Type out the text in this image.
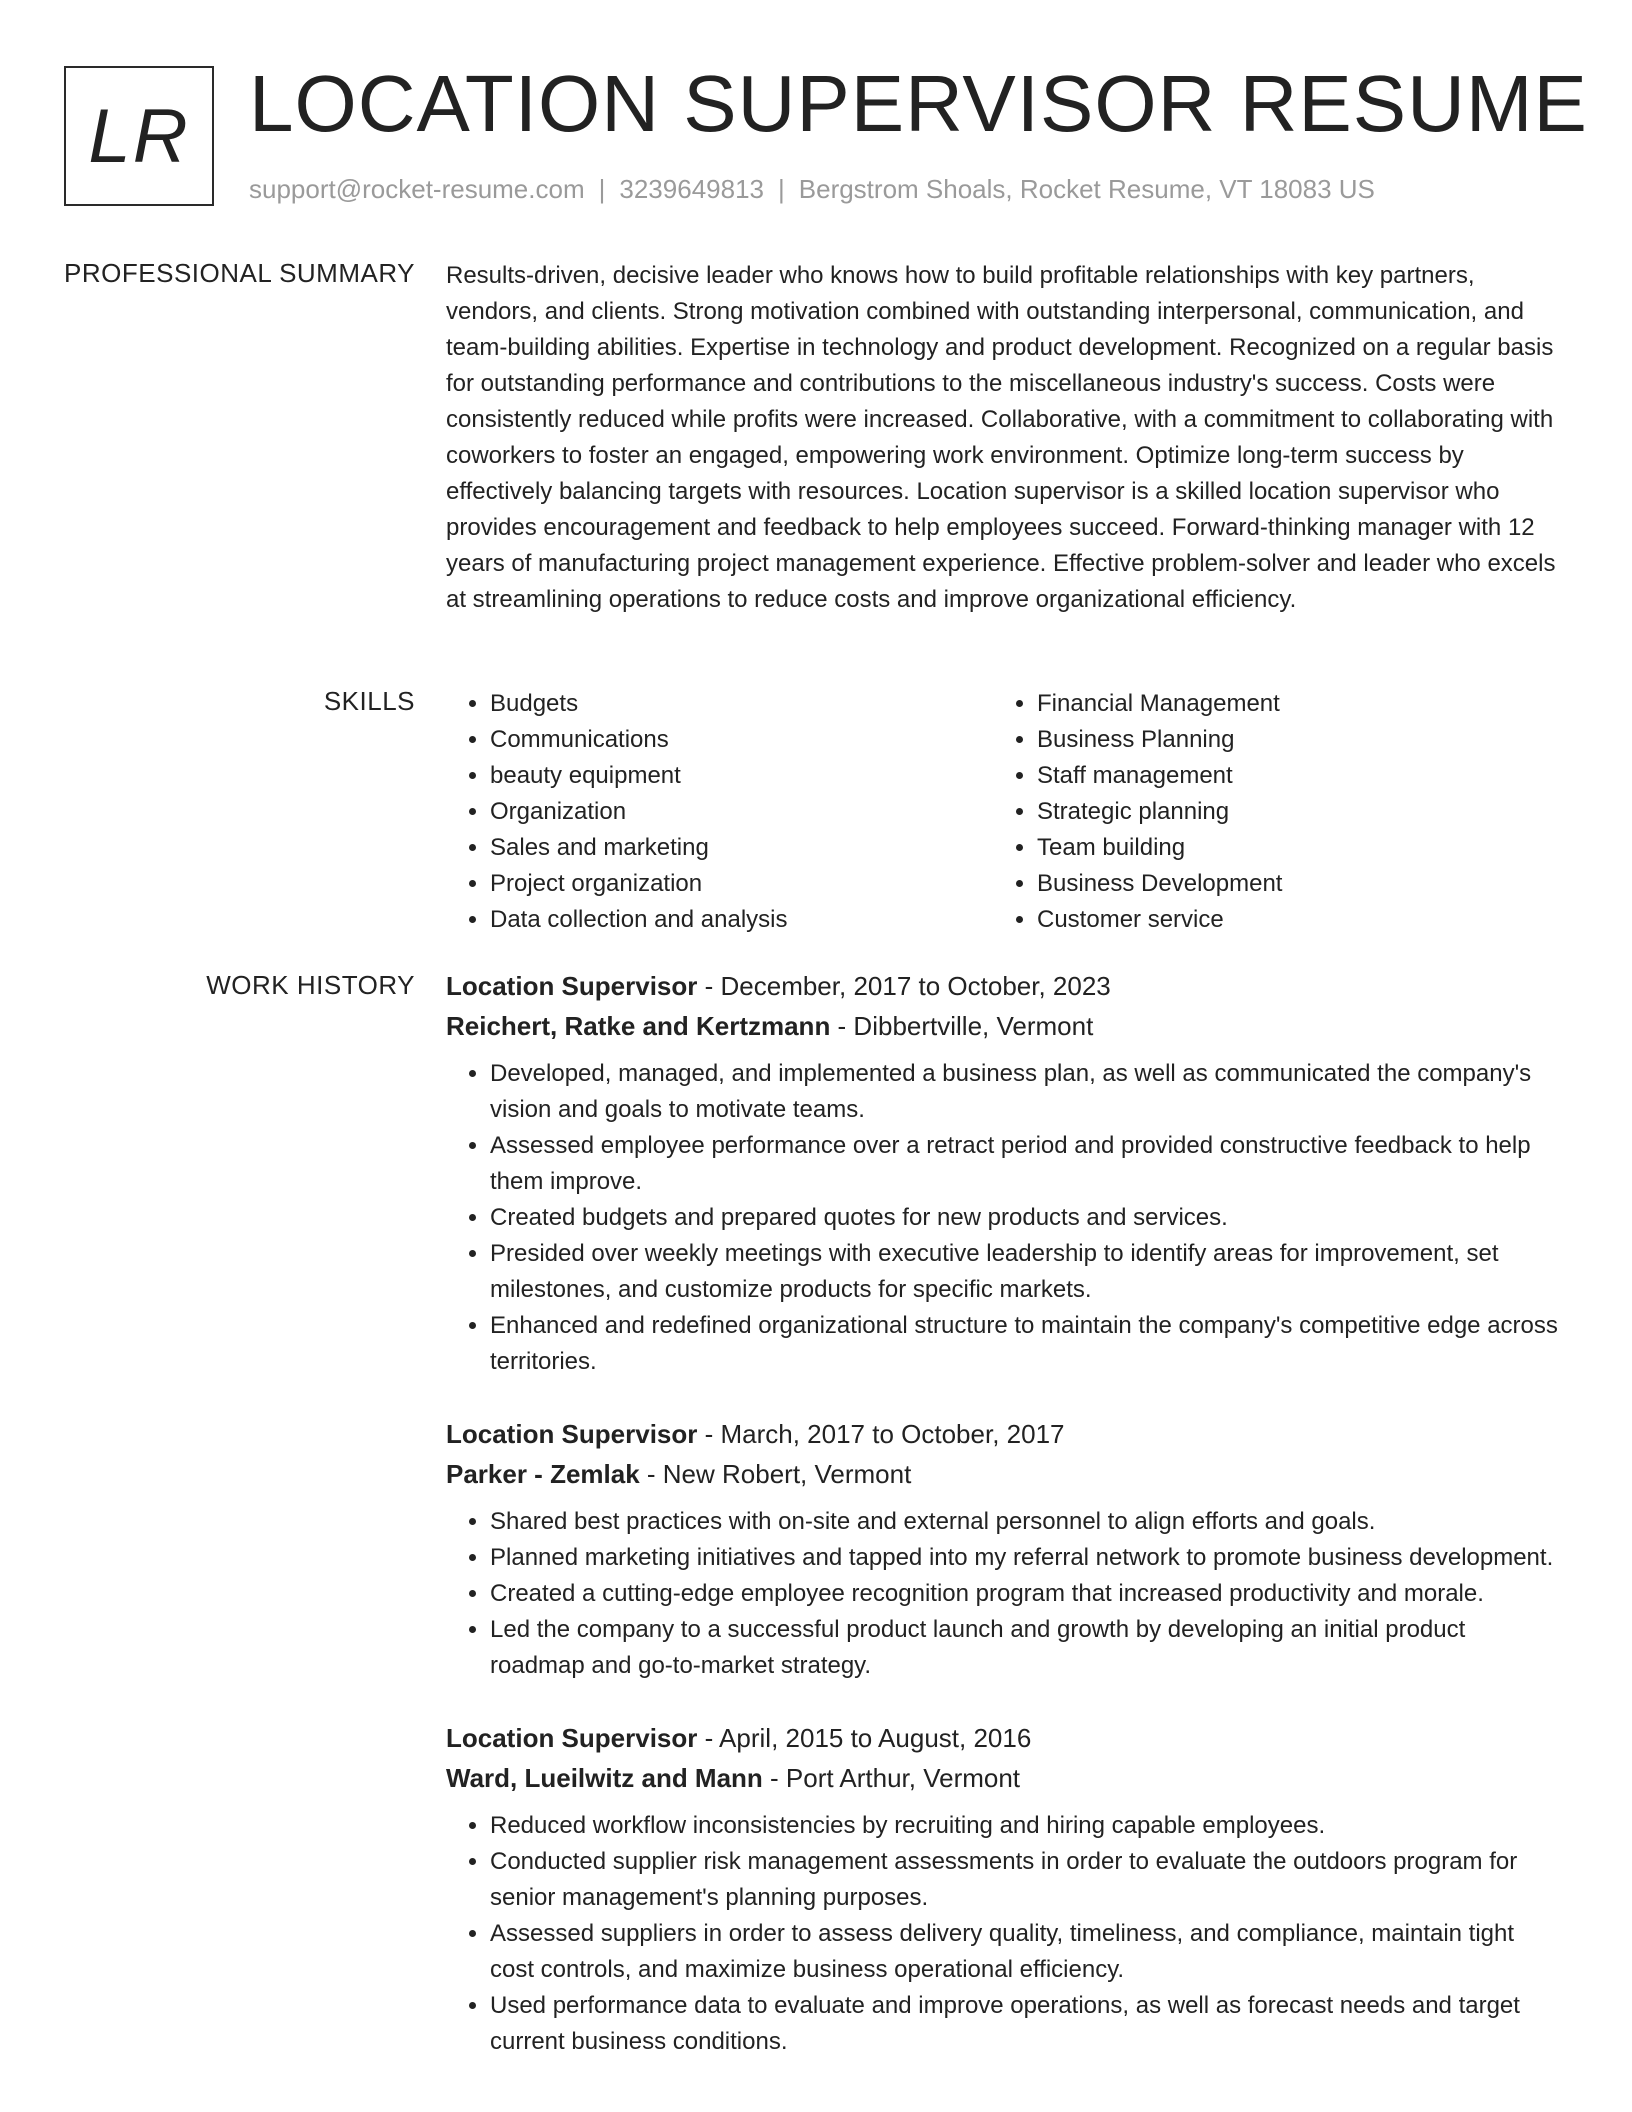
LR LOCATION SUPERVISOR RESUME
support@rocket-resume.com | 3239649813 | Bergstrom Shoals, Rocket Resume, VT 18083 US
PROFESSIONAL SUMMARY Results-driven, decisive leader who knows how to build profitable relationships with key partners, vendors, and clients. Strong motivation combined with outstanding interpersonal, communication, and team-building abilities. Expertise in technology and product development. Recognized on a regular basis for outstanding performance and contributions to the miscellaneous industry's success. Costs were consistently reduced while profits were increased. Collaborative, with a commitment to collaborating with coworkers to foster an engaged, empowering work environment. Optimize long-term success by effectively balancing targets with resources. Location supervisor is a skilled location supervisor who provides encouragement and feedback to help employees succeed. Forward-thinking manager with 12 years of manufacturing project management experience. Effective problem-solver and leader who excels at streamlining operations to reduce costs and improve organizational efficiency.

SKILLS
•	Budgets
• Communications
• beauty equipment
• Organization
• Sales and marketing
• Project organization
• Data collection and analysis
• Financial Management
• Business Planning
• Staff management
• Strategic planning
• Team building
• Business Development
• Customer service
WORK HISTORY Location Supervisor - December, 2017 to October, 2023
Reichert, Ratke and Kertzmann - Dibbertville, Vermont
• Developed, managed, and implemented a business plan, as well as communicated the company's vision and goals to motivate teams.
• Assessed employee performance over a retract period and provided constructive feedback to help them improve.
• Created budgets and prepared quotes for new products and services.
• Presided over weekly meetings with executive leadership to identify areas for improvement, set milestones, and customize products for specific markets.
• Enhanced and redefined organizational structure to maintain the company's competitive edge across territories.
Location Supervisor - March, 2017 to October, 2017
Parker - Zemlak - New Robert, Vermont
• Shared best practices with on-site and external personnel to align efforts and goals.
• Planned marketing initiatives and tapped into my referral network to promote business development.
• Created a cutting-edge employee recognition program that increased productivity and morale.
• Led the company to a successful product launch and growth by developing an initial product roadmap and go-to-market strategy.
Location Supervisor - April, 2015 to August, 2016
Ward, Lueilwitz and Mann - Port Arthur, Vermont
• Reduced workflow inconsistencies by recruiting and hiring capable employees.
• Conducted supplier risk management assessments in order to evaluate the outdoors program for senior management's planning purposes.
• Assessed suppliers in order to assess delivery quality, timeliness, and compliance, maintain tight cost controls, and maximize business operational efficiency.
• Used performance data to evaluate and improve operations, as well as forecast needs and target current business conditions.
